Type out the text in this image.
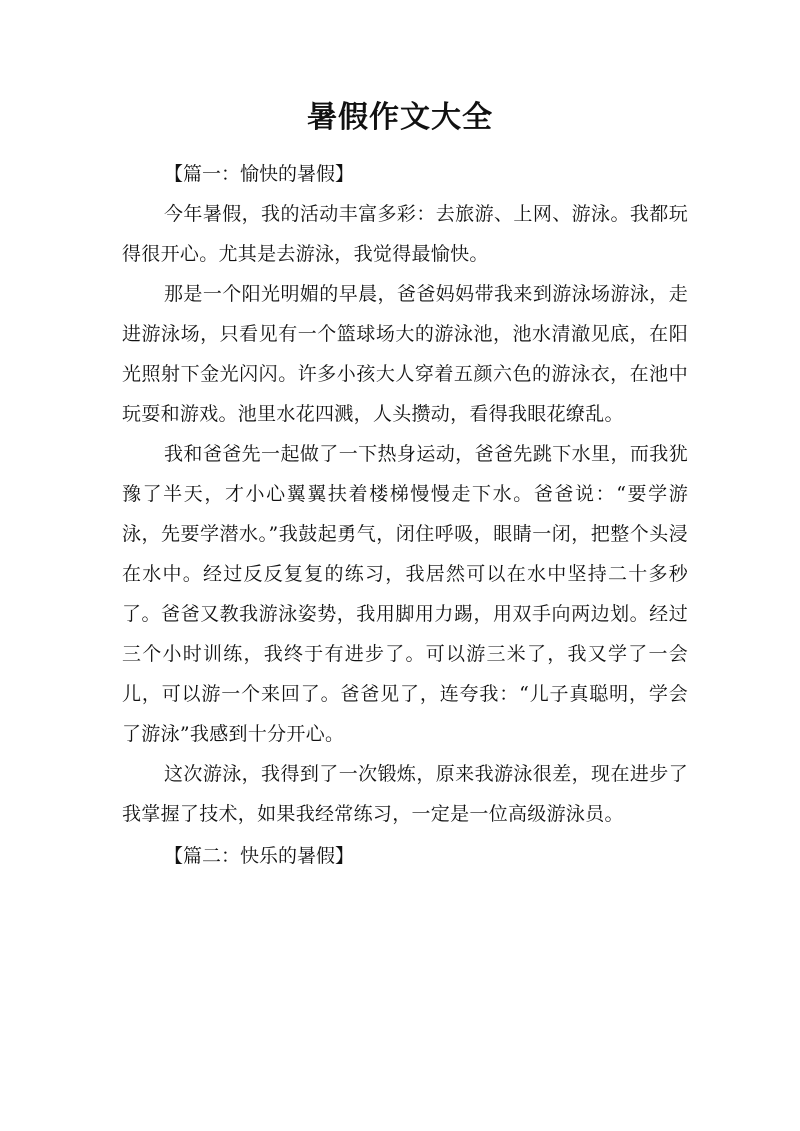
暑假作文大全

【篇一：愉快的暑假】

今年暑假，我的活动丰富多彩：去旅游、上网、游泳。我都玩得很开心。尤其是去游泳，我觉得最愉快。

那是一个阳光明媚的早晨，爸爸妈妈带我来到游泳场游泳，走进游泳场，只看见有一个篮球场大的游泳池，池水清澈见底，在阳光照射下金光闪闪。许多小孩大人穿着五颜六色的游泳衣，在池中玩耍和游戏。池里水花四溅，人头攒动，看得我眼花缭乱。

我和爸爸先一起做了一下热身运动，爸爸先跳下水里，而我犹豫了半天，才小心翼翼扶着楼梯慢慢走下水。爸爸说：“要学游泳，先要学潜水。”我鼓起勇气，闭住呼吸，眼睛一闭，把整个头浸在水中。经过反反复复的练习，我居然可以在水中坚持二十多秒了。爸爸又教我游泳姿势，我用脚用力踢，用双手向两边划。经过三个小时训练，我终于有进步了。可以游三米了，我又学了一会儿，可以游一个来回了。爸爸见了，连夸我：“儿子真聪明，学会了游泳”我感到十分开心。

这次游泳，我得到了一次锻炼，原来我游泳很差，现在进步了我掌握了技术，如果我经常练习，一定是一位高级游泳员。

【篇二：快乐的暑假】
